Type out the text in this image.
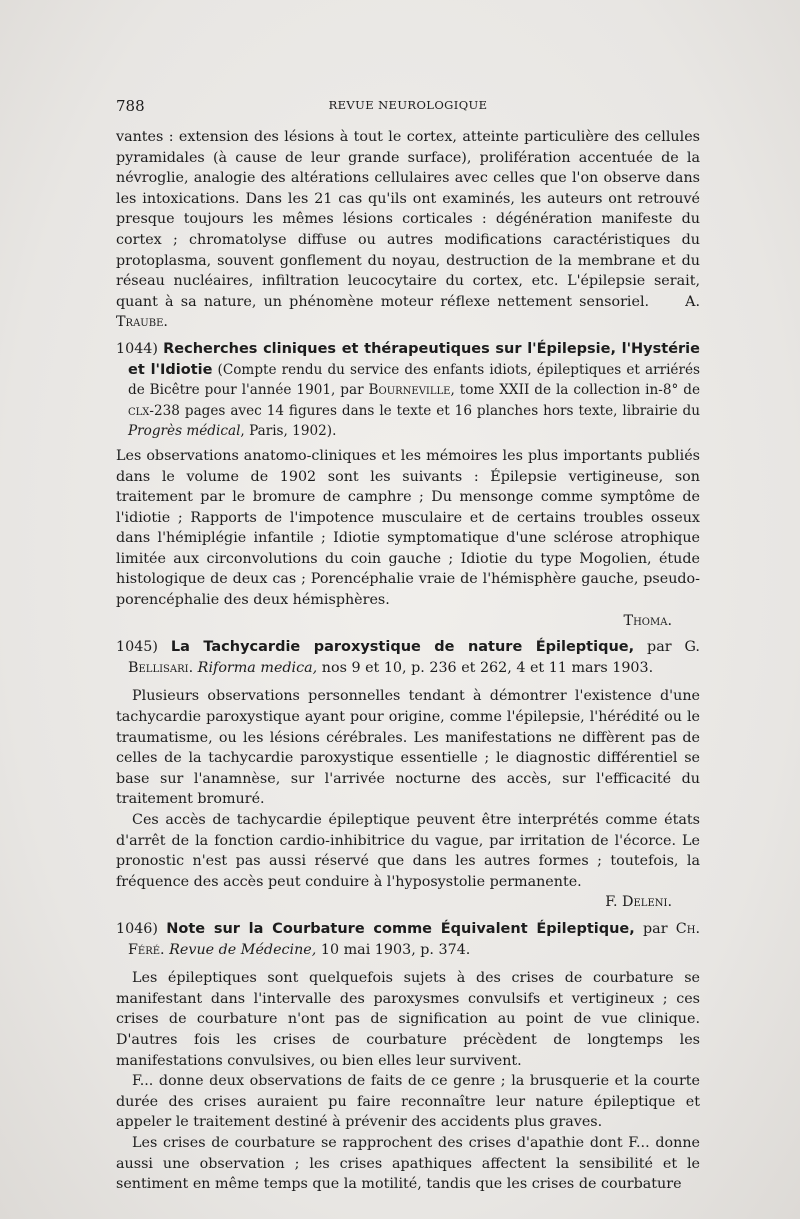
788	REVUE NEUROLOGIQUE

vantes : extension des lésions à tout le cortex, atteinte particulière des cellules pyramidales (à cause de leur grande surface), prolifération accentuée de la névroglie, analogie des altérations cellulaires avec celles que l'on observe dans les intoxications. Dans les 21 cas qu'ils ont examinés, les auteurs ont retrouvé presque toujours les mêmes lésions corticales : dégénération manifeste du cortex ; chromatolyse diffuse ou autres modifications caractéristiques du protoplasma, souvent gonflement du noyau, destruction de la membrane et du réseau nucléaires, infiltration leucocytaire du cortex, etc. L'épilepsie serait, quant à sa nature, un phénomène moteur réflexe nettement sensoriel.	A. Traube.

1044) Recherches cliniques et thérapeutiques sur l'Épilepsie, l'Hystérie et l'Idiotie (Compte rendu du service des enfants idiots, épileptiques et arriérés de Bicêtre pour l'année 1901, par Bourneville, tome XXII de la collection in-8° de clx-238 pages avec 14 figures dans le texte et 16 planches hors texte, librairie du Progrès médical, Paris, 1902).

Les observations anatomo-cliniques et les mémoires les plus importants publiés dans le volume de 1902 sont les suivants : Épilepsie vertigineuse, son traitement par le bromure de camphre ; Du mensonge comme symptôme de l'idiotie ; Rapports de l'impotence musculaire et de certains troubles osseux dans l'hémiplégie infantile ; Idiotie symptomatique d'une sclérose atrophique limitée aux circonvolutions du coin gauche ; Idiotie du type Mogolien, étude histologique de deux cas ; Porencéphalie vraie de l'hémisphère gauche, pseudo-porencéphalie des deux hémisphères.

Thoma.

1045) La Tachycardie paroxystique de nature Épileptique, par G. Bellisari. Riforma medica, nos 9 et 10, p. 236 et 262, 4 et 11 mars 1903.

Plusieurs observations personnelles tendant à démontrer l'existence d'une tachycardie paroxystique ayant pour origine, comme l'épilepsie, l'hérédité ou le traumatisme, ou les lésions cérébrales. Les manifestations ne diffèrent pas de celles de la tachycardie paroxystique essentielle ; le diagnostic différentiel se base sur l'anamnèse, sur l'arrivée nocturne des accès, sur l'efficacité du traitement bromuré.

Ces accès de tachycardie épileptique peuvent être interprétés comme états d'arrêt de la fonction cardio-inhibitrice du vague, par irritation de l'écorce. Le pronostic n'est pas aussi réservé que dans les autres formes ; toutefois, la fréquence des accès peut conduire à l'hyposystolie permanente.

F. Deleni.

1046) Note sur la Courbature comme Équivalent Épileptique, par Ch. Féré. Revue de Médecine, 10 mai 1903, p. 374.

Les épileptiques sont quelquefois sujets à des crises de courbature se manifestant dans l'intervalle des paroxysmes convulsifs et vertigineux ; ces crises de courbature n'ont pas de signification au point de vue clinique. D'autres fois les crises de courbature précèdent de longtemps les manifestations convulsives, ou bien elles leur survivent.

F... donne deux observations de faits de ce genre ; la brusquerie et la courte durée des crises auraient pu faire reconnaître leur nature épileptique et appeler le traitement destiné à prévenir des accidents plus graves.

Les crises de courbature se rapprochent des crises d'apathie dont F... donne aussi une observation ; les crises apathiques affectent la sensibilité et le sentiment en même temps que la motilité, tandis que les crises de courbature
